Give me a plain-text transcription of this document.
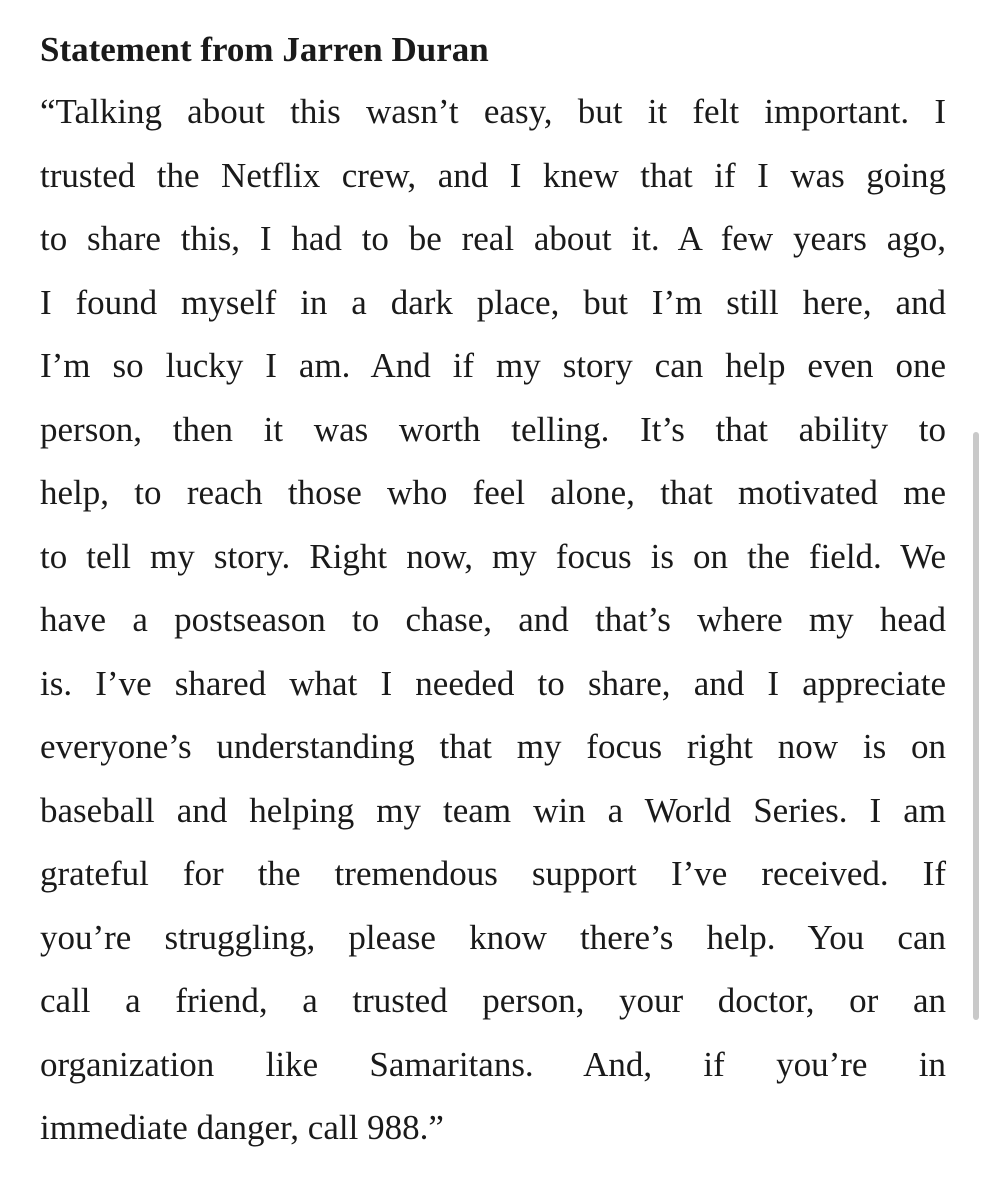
Statement from Jarren Duran
“Talking about this wasn’t easy, but it felt important. I
trusted the Netflix crew, and I knew that if I was going
to share this, I had to be real about it. A few years ago,
I found myself in a dark place, but I’m still here, and
I’m so lucky I am. And if my story can help even one
person, then it was worth telling. It’s that ability to
help, to reach those who feel alone, that motivated me
to tell my story. Right now, my focus is on the field. We
have a postseason to chase, and that’s where my head
is. I’ve shared what I needed to share, and I appreciate
everyone’s understanding that my focus right now is on
baseball and helping my team win a World Series. I am
grateful for the tremendous support I’ve received. If
you’re struggling, please know there’s help. You can
call a friend, a trusted person, your doctor, or an
organization like Samaritans. And, if you’re in
immediate danger, call 988.”
